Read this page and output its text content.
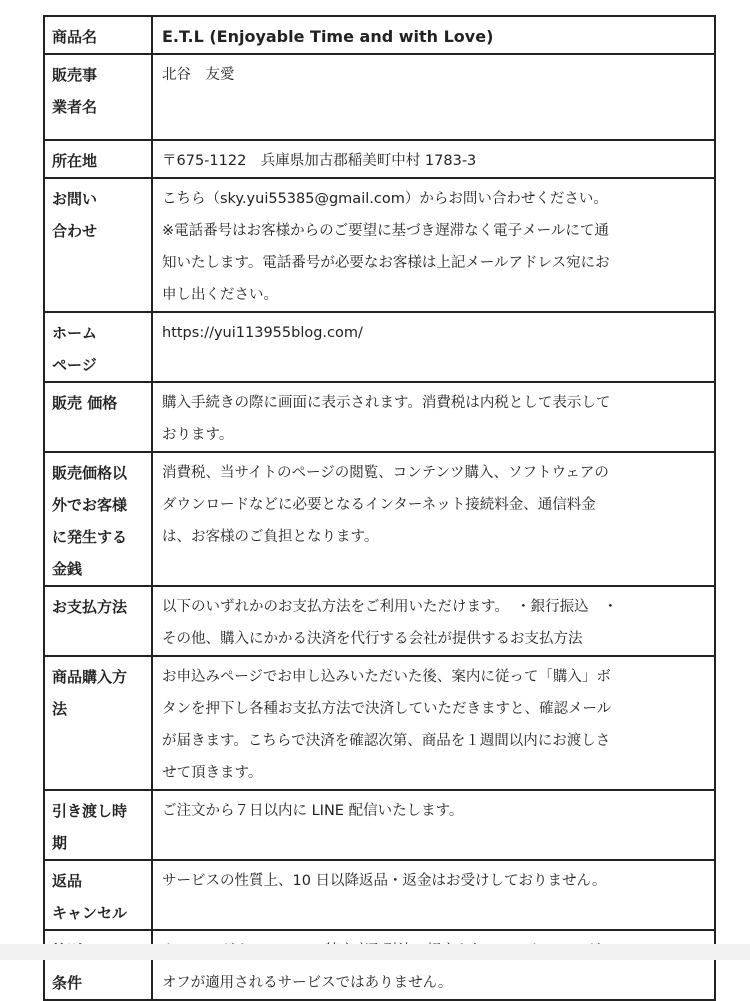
商品名	E.T.L (Enjoyable Time and with Love)

販売事
業者名	北谷　友愛

所在地	〒675-1122　兵庫県加古郡稲美町中村 1783-3

お問い
合わせ	こちら（sky.yui55385@gmail.com）からお問い合わせください。
※電話番号はお客様からのご要望に基づき遅滞なく電子メールにて通
知いたします。電話番号が必要なお客様は上記メールアドレス宛にお
申し出ください。

ホーム
ページ	https://yui113955blog.com/

販売 価格	購入手続きの際に画面に表示されます。消費税は内税として表示して
おります。

販売価格以
外でお客様
に発生する
金銭	消費税、当サイトのページの閲覧、コンテンツ購入、ソフトウェアの
ダウンロードなどに必要となるインターネット接続料金、通信料金
は、お客様のご負担となります。

お支払方法	以下のいずれかのお支払方法をご利用いただけます。　・銀行振込　・
その他、購入にかかる決済を代行する会社が提供するお支払方法

商品購入方
法	お申込みページでお申し込みいただいた後、案内に従って「購入」ボ
タンを押下し各種お支払方法で決済していただきますと、確認メール
が届きます。こちらで決済を確認次第、商品を１週間以内にお渡しさ
せて頂きます。

引き渡し時
期	ご注文から７日以内に LINE 配信いたします。

返品
キャンセル	サービスの性質上、10 日以降返品・返金はお受けしておりません。

条件	オフが適用されるサービスではありません。
